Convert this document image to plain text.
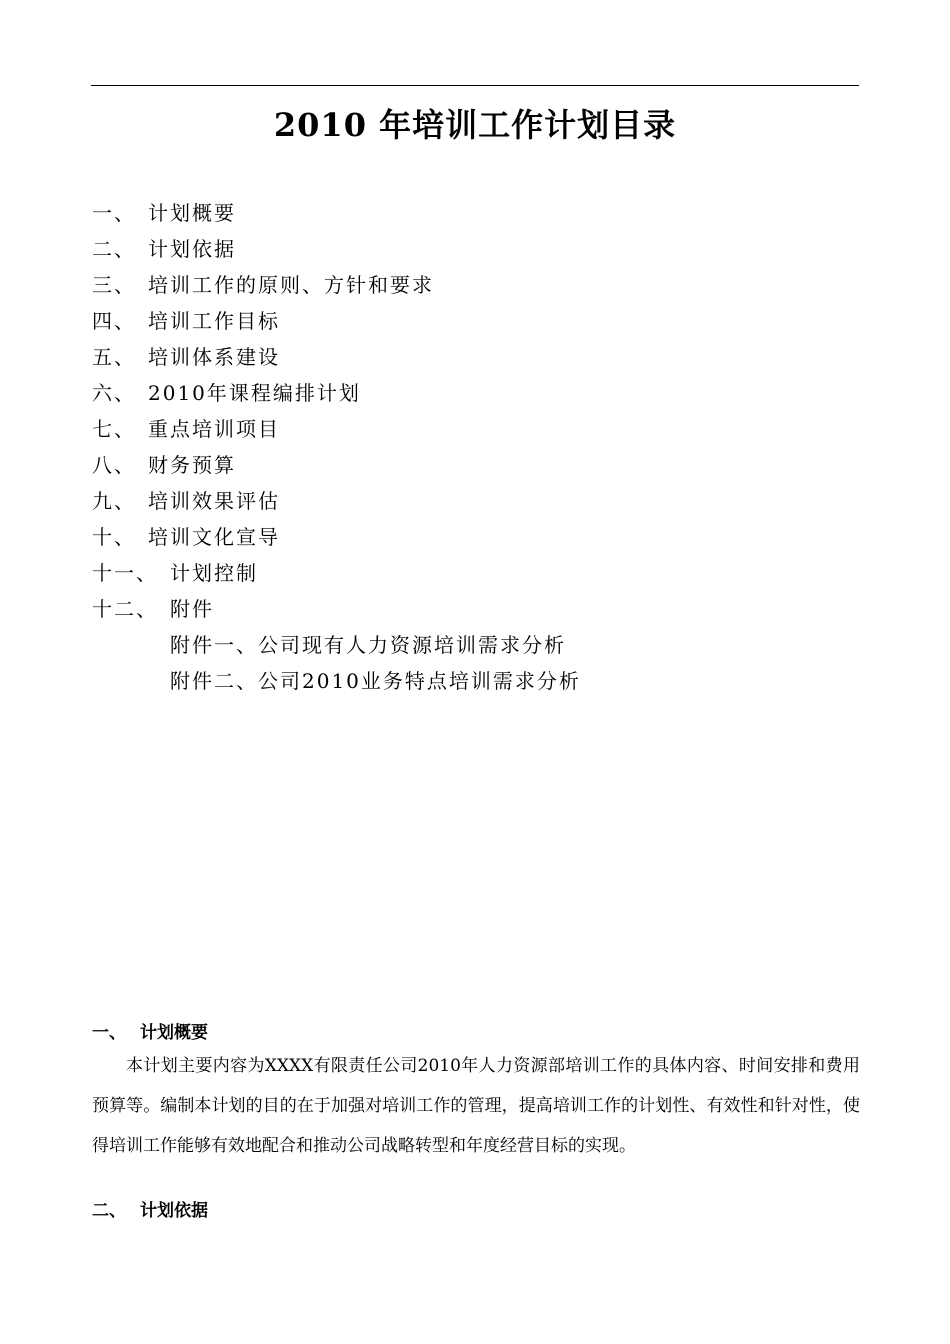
2010 年培训工作计划目录
一、 计划概要
二、 计划依据
三、 培训工作的原则、方针和要求
四、 培训工作目标
五、 培训体系建设
六、 2010年课程编排计划
七、 重点培训项目
八、 财务预算
九、 培训效果评估
十、 培训文化宣导
十一、 计划控制
十二、 附件
附件一、公司现有人力资源培训需求分析
附件二、公司2010业务特点培训需求分析
一、 计划概要
本计划主要内容为XXXX有限责任公司2010年人力资源部培训工作的具体内容、时间安排和费用预算等。编制本计划的目的在于加强对培训工作的管理，提高培训工作的计划性、有效性和针对性，使得培训工作能够有效地配合和推动公司战略转型和年度经营目标的实现。
二、 计划依据
